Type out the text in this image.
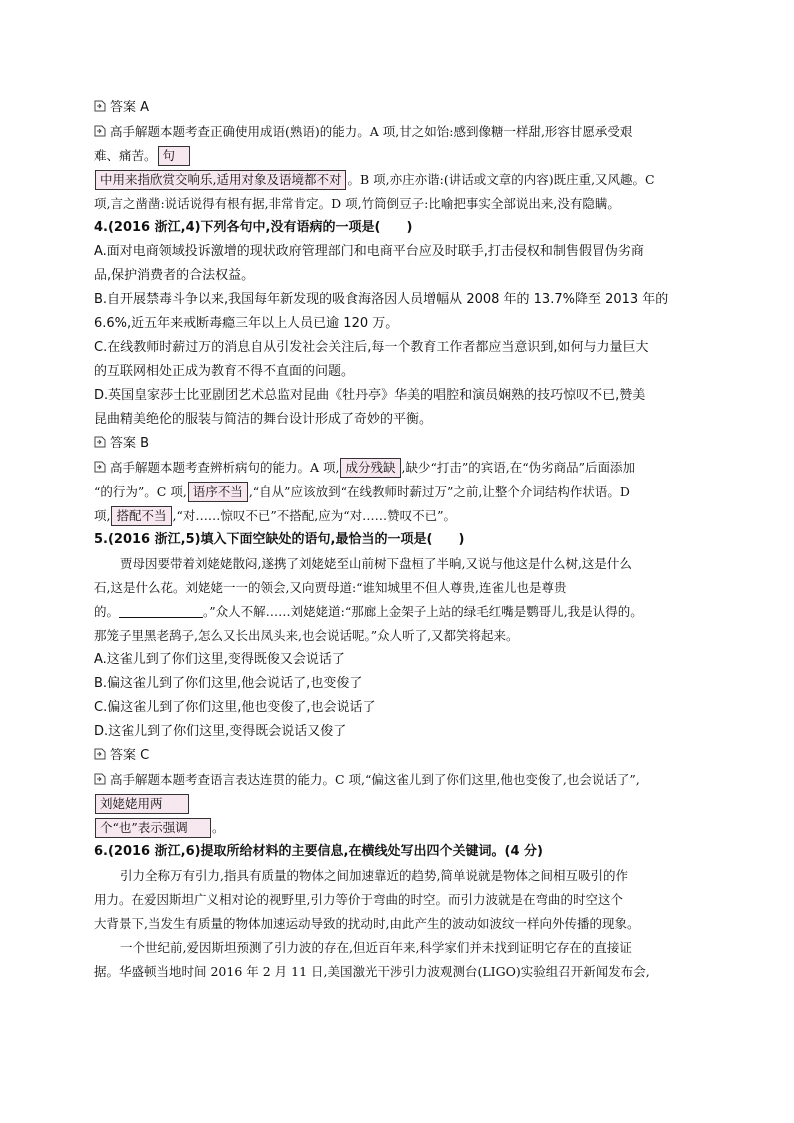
答案 A
高手解题本题考查正确使用成语(熟语)的能力。A 项,甘之如饴:感到像糖一样甜,形容甘愿承受艰
难、痛苦。 句
中用来指欣赏交响乐,适用对象及语境都不对 。B 项,亦庄亦谐:(讲话或文章的内容)既庄重,又风趣。C
项,言之凿凿:说话说得有根有据,非常肯定。D 项,竹筒倒豆子:比喻把事实全部说出来,没有隐瞒。
4.(2016 浙江,4)下列各句中,没有语病的一项是(　　)
A.面对电商领域投诉激增的现状政府管理部门和电商平台应及时联手,打击侵权和制售假冒伪劣商
品,保护消费者的合法权益。
B.自开展禁毒斗争以来,我国每年新发现的吸食海洛因人员增幅从 2008 年的 13.7%降至 2013 年的
6.6%,近五年来戒断毒瘾三年以上人员已逾 120 万。
C.在线教师时薪过万的消息自从引发社会关注后,每一个教育工作者都应当意识到,如何与力量巨大
的互联网相处正成为教育不得不直面的问题。
D.英国皇家莎士比亚剧团艺术总监对昆曲《牡丹亭》华美的唱腔和演员娴熟的技巧惊叹不已,赞美
昆曲精美绝伦的服装与简洁的舞台设计形成了奇妙的平衡。
答案 B
高手解题本题考查辨析病句的能力。A 项, 成分残缺 ,缺少“打击”的宾语,在“伪劣商品”后面添加
“的行为”。C 项, 语序不当 ,“自从”应该放到“在线教师时薪过万”之前,让整个介词结构作状语。D
项, 搭配不当 ,“对……惊叹不已”不搭配,应为“对……赞叹不已”。
5.(2016 浙江,5)填入下面空缺处的语句,最恰当的一项是(　　)
贾母因要带着刘姥姥散闷,遂携了刘姥姥至山前树下盘桓了半晌,又说与他这是什么树,这是什么
石,这是什么花。刘姥姥一一的领会,又向贾母道:“谁知城里不但人尊贵,连雀儿也是尊贵
的。	。”众人不解……刘姥姥道:“那廊上金架子上站的绿毛红嘴是鹦哥儿,我是认得的。
那笼子里黑老鸹子,怎么又长出凤头来,也会说话呢。”众人听了,又都笑将起来。
A.这雀儿到了你们这里,变得既俊又会说话了
B.偏这雀儿到了你们这里,他会说话了,也变俊了
C.偏这雀儿到了你们这里,他也变俊了,也会说话了
D.这雀儿到了你们这里,变得既会说话又俊了
答案 C
高手解题本题考查语言表达连贯的能力。C 项,“偏这雀儿到了你们这里,他也变俊了,也会说话了”,
刘姥姥用两
个“也”表示强调 。
6.(2016 浙江,6)提取所给材料的主要信息,在横线处写出四个关键词。(4 分)
引力全称万有引力,指具有质量的物体之间加速靠近的趋势,简单说就是物体之间相互吸引的作
用力。在爱因斯坦广义相对论的视野里,引力等价于弯曲的时空。而引力波就是在弯曲的时空这个
大背景下,当发生有质量的物体加速运动导致的扰动时,由此产生的波动如波纹一样向外传播的现象。
一个世纪前,爱因斯坦预测了引力波的存在,但近百年来,科学家们并未找到证明它存在的直接证
据。华盛顿当地时间 2016 年 2 月 11 日,美国激光干涉引力波观测台(LIGO)实验组召开新闻发布会,
